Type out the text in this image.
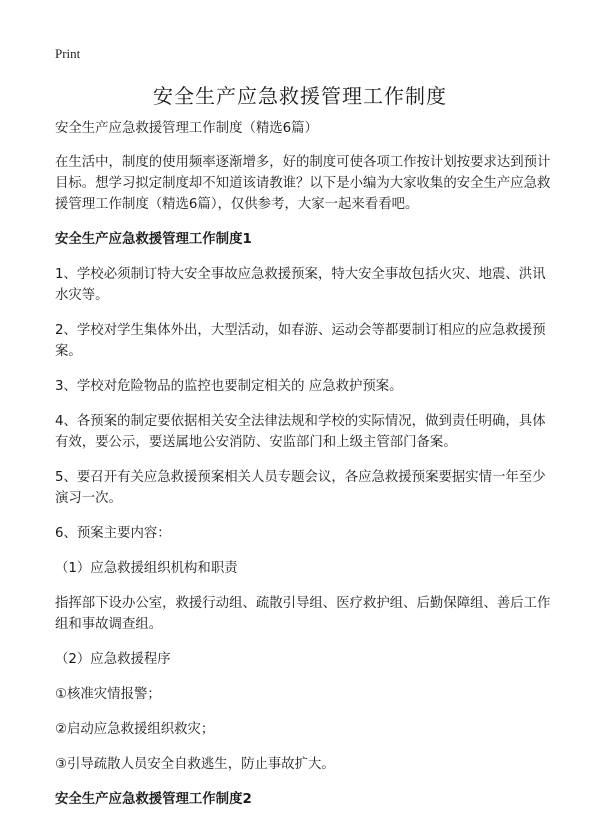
Print
安全生产应急救援管理工作制度

安全生产应急救援管理工作制度（精选6篇）

在生活中，制度的使用频率逐渐增多，好的制度可使各项工作按计划按要求达到预计目标。想学习拟定制度却不知道该请教谁？以下是小编为大家收集的安全生产应急救援管理工作制度（精选6篇），仅供参考，大家一起来看看吧。

安全生产应急救援管理工作制度1

1、学校必须制订特大安全事故应急救援预案，特大安全事故包括火灾、地震、洪讯水灾等。

2、学校对学生集体外出，大型活动，如春游、运动会等都要制订相应的应急救援预案。

3、学校对危险物品的监控也要制定相关的 应急救护预案。

4、各预案的制定要依据相关安全法律法规和学校的实际情况，做到责任明确，具体有效，要公示，要送属地公安消防、安监部门和上级主管部门备案。

5、要召开有关应急救援预案相关人员专题会议，各应急救援预案要据实情一年至少演习一次。

6、预案主要内容：

（1）应急救援组织机构和职责

指挥部下设办公室，救援行动组、疏散引导组、医疗救护组、后勤保障组、善后工作组和事故调查组。

（2）应急救援程序

①核准灾情报警；

②启动应急救援组织救灾；

③引导疏散人员安全自救逃生，防止事故扩大。

安全生产应急救援管理工作制度2
